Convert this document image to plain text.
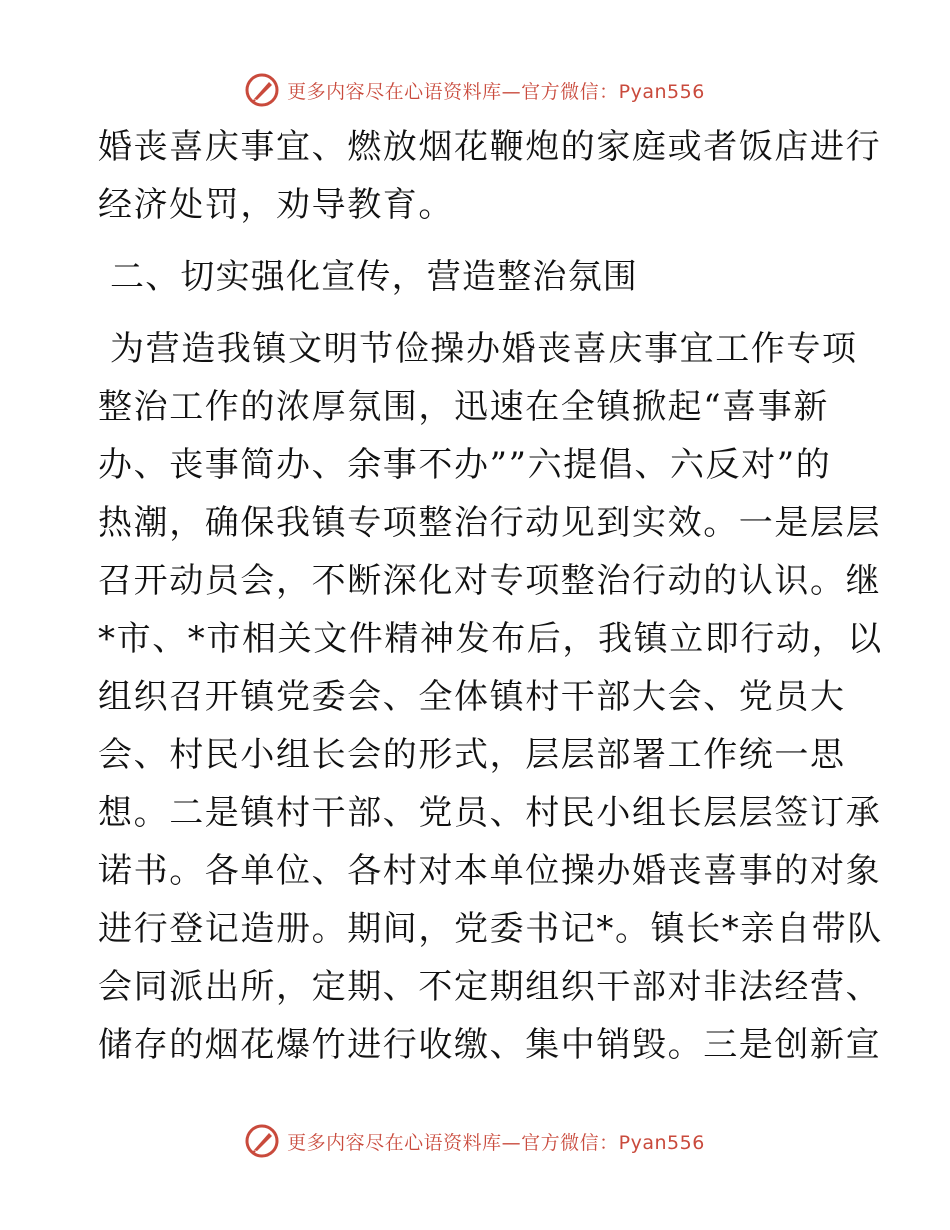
更多内容尽在心语资料库—官方微信：Pyan556
婚丧喜庆事宜、燃放烟花鞭炮的家庭或者饭店进行
经济处罚，劝导教育。
二、切实强化宣传，营造整治氛围
为营造我镇文明节俭操办婚丧喜庆事宜工作专项
整治工作的浓厚氛围，迅速在全镇掀起“喜事新
办、丧事简办、余事不办””六提倡、六反对”的
热潮，确保我镇专项整治行动见到实效。一是层层
召开动员会，不断深化对专项整治行动的认识。继
*市、*市相关文件精神发布后，我镇立即行动，以
组织召开镇党委会、全体镇村干部大会、党员大
会、村民小组长会的形式，层层部署工作统一思
想。二是镇村干部、党员、村民小组长层层签订承
诺书。各单位、各村对本单位操办婚丧喜事的对象
进行登记造册。期间，党委书记*。镇长*亲自带队
会同派出所，定期、不定期组织干部对非法经营、
储存的烟花爆竹进行收缴、集中销毁。三是创新宣
更多内容尽在心语资料库—官方微信：Pyan556
